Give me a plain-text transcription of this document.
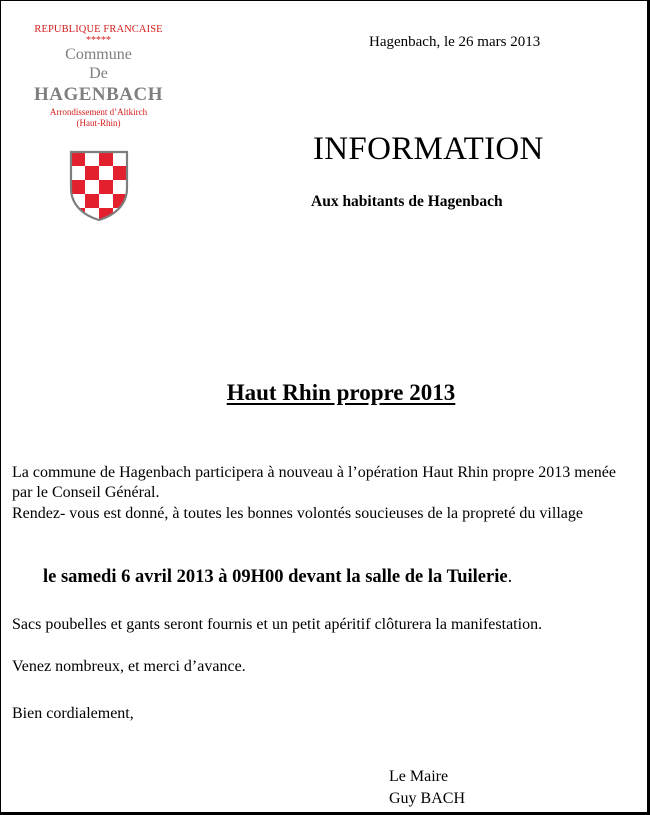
REPUBLIQUE FRANCAISE
*****
Commune
De
HAGENBACH
Arrondissement d’Altkirch
(Haut-Rhin)
Hagenbach, le 26 mars 2013
INFORMATION
Aux habitants de Hagenbach
Haut Rhin propre 2013
La commune de Hagenbach participera à nouveau à l’opération Haut Rhin propre 2013 menée par le Conseil Général.
Rendez- vous est donné, à toutes les bonnes volontés soucieuses de la propreté du village
le samedi 6 avril 2013 à 09H00 devant la salle de la Tuilerie.
Sacs poubelles et gants seront fournis et un petit apéritif clôturera la manifestation.
Venez nombreux, et merci d’avance.
Bien cordialement,
Le Maire
Guy BACH
